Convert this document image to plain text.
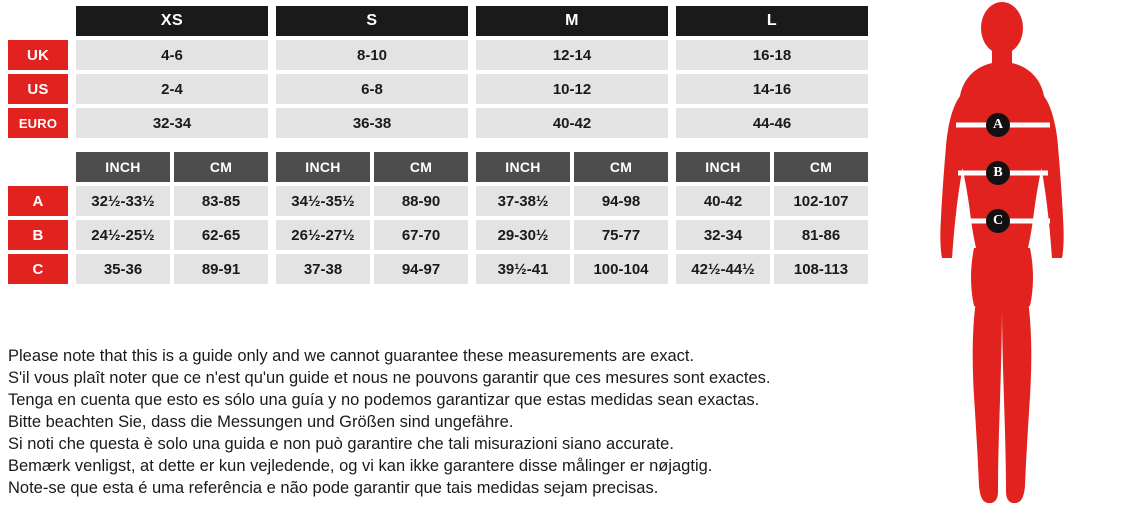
XS	S	M	L
UK	4-6	8-10	12-14	16-18
US	2-4	6-8	10-12	14-16
EURO	32-34	36-38	40-42	44-46
INCH	CM	INCH	CM	INCH	CM	INCH	CM
A	32½-33½	83-85	34½-35½	88-90	37-38½	94-98	40-42	102-107
B	24½-25½	62-65	26½-27½	67-70	29-30½	75-77	32-34	81-86
C	35-36	89-91	37-38	94-97	39½-41	100-104	42½-44½	108-113
Please note that this is a guide only and we cannot guarantee these measurements are exact.
S'il vous plaît noter que ce n'est qu'un guide et nous ne pouvons garantir que ces mesures sont exactes.
Tenga en cuenta que esto es sólo una guía y no podemos garantizar que estas medidas sean exactas.
Bitte beachten Sie, dass die Messungen und Größen sind ungefähre.
Si noti che questa è solo una guida e non può garantire che tali misurazioni siano accurate.
Bemærk venligst, at dette er kun vejledende, og vi kan ikke garantere disse målinger er nøjagtig.
Note-se que esta é uma referência e não pode garantir que tais medidas sejam precisas.
A
B
C
